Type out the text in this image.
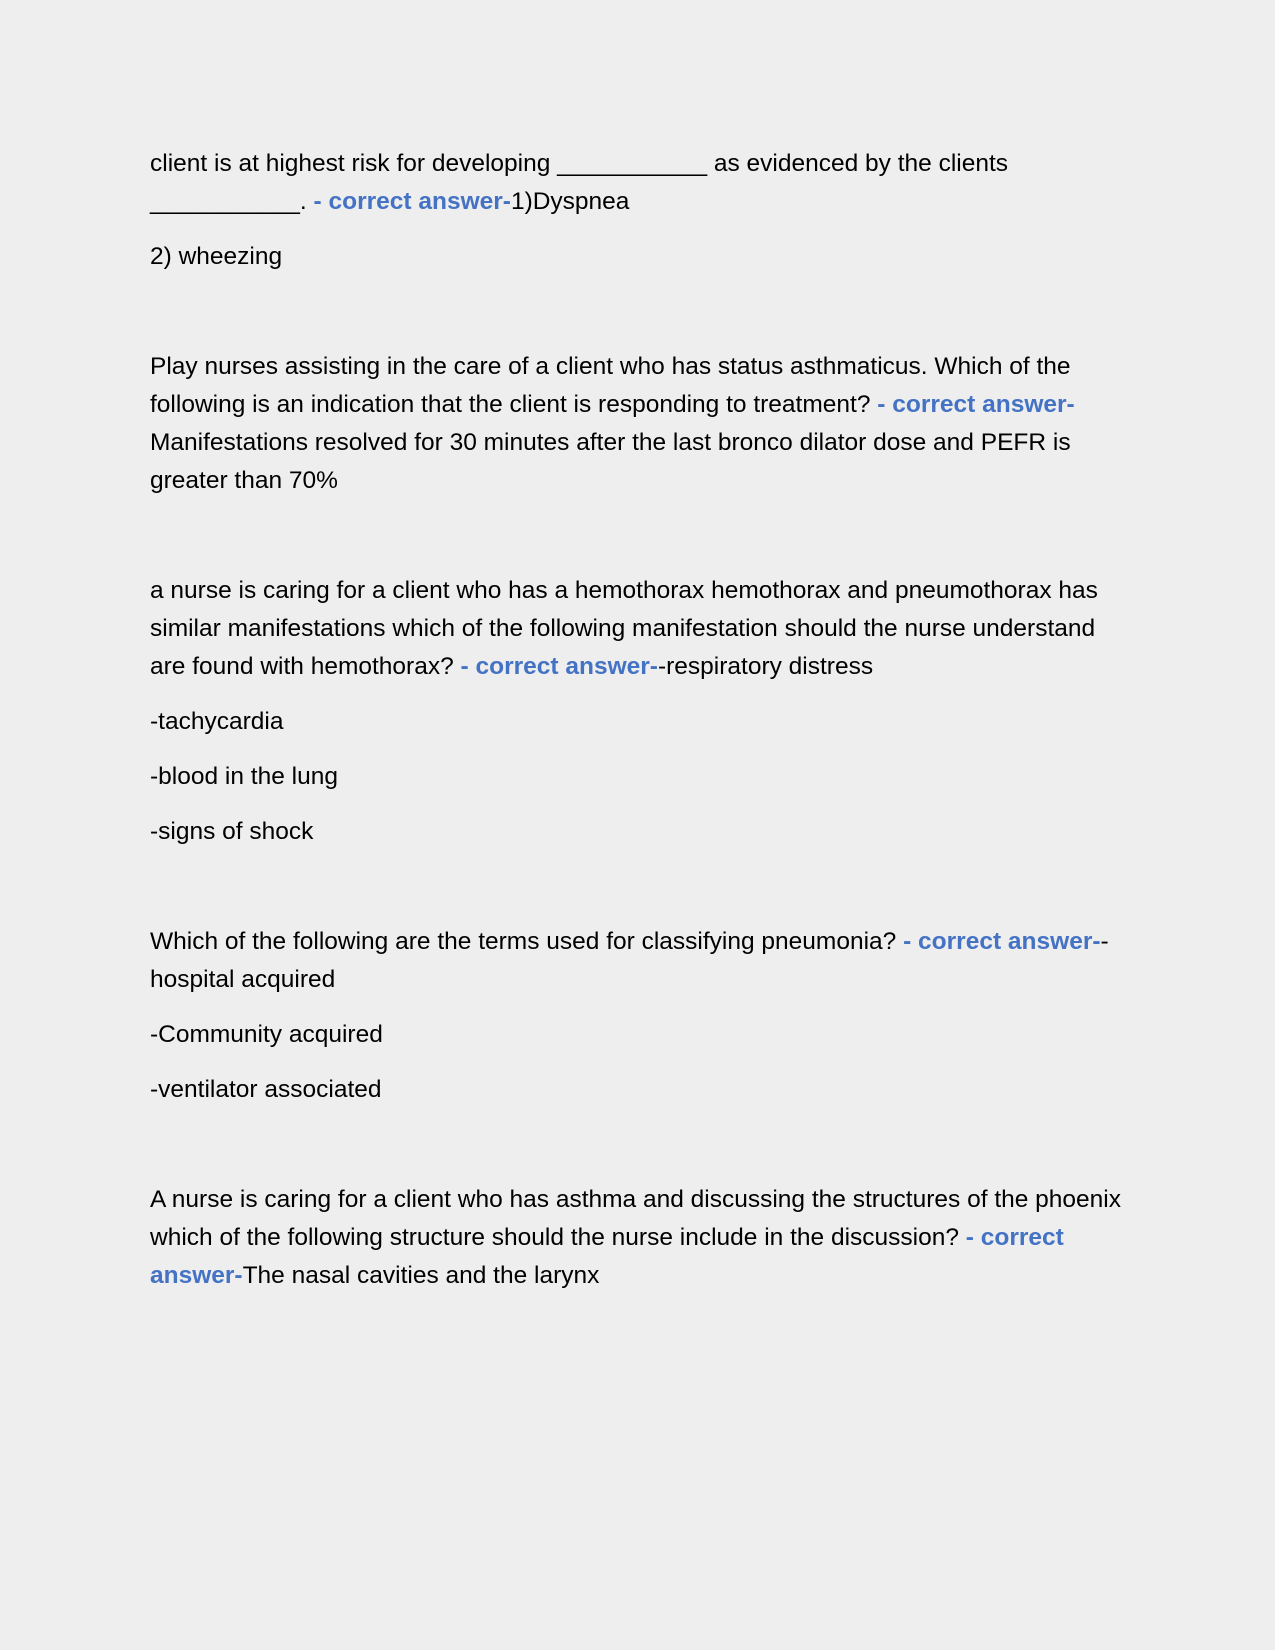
client is at highest risk for developing ___________ as evidenced by the clients ___________. - correct answer-1)Dyspnea

2) wheezing

Play nurses assisting in the care of a client who has status asthmaticus. Which of the following is an indication that the client is responding to treatment? - correct answer-Manifestations resolved for 30 minutes after the last bronco dilator dose and PEFR is greater than 70%

a nurse is caring for a client who has a hemothorax hemothorax and pneumothorax has similar manifestations which of the following manifestation should the nurse understand are found with hemothorax? - correct answer--respiratory distress

-tachycardia

-blood in the lung

-signs of shock

Which of the following are the terms used for classifying pneumonia? - correct answer--hospital acquired

-Community acquired

-ventilator associated

A nurse is caring for a client who has asthma and discussing the structures of the phoenix which of the following structure should the nurse include in the discussion? - correct answer-The nasal cavities and the larynx
